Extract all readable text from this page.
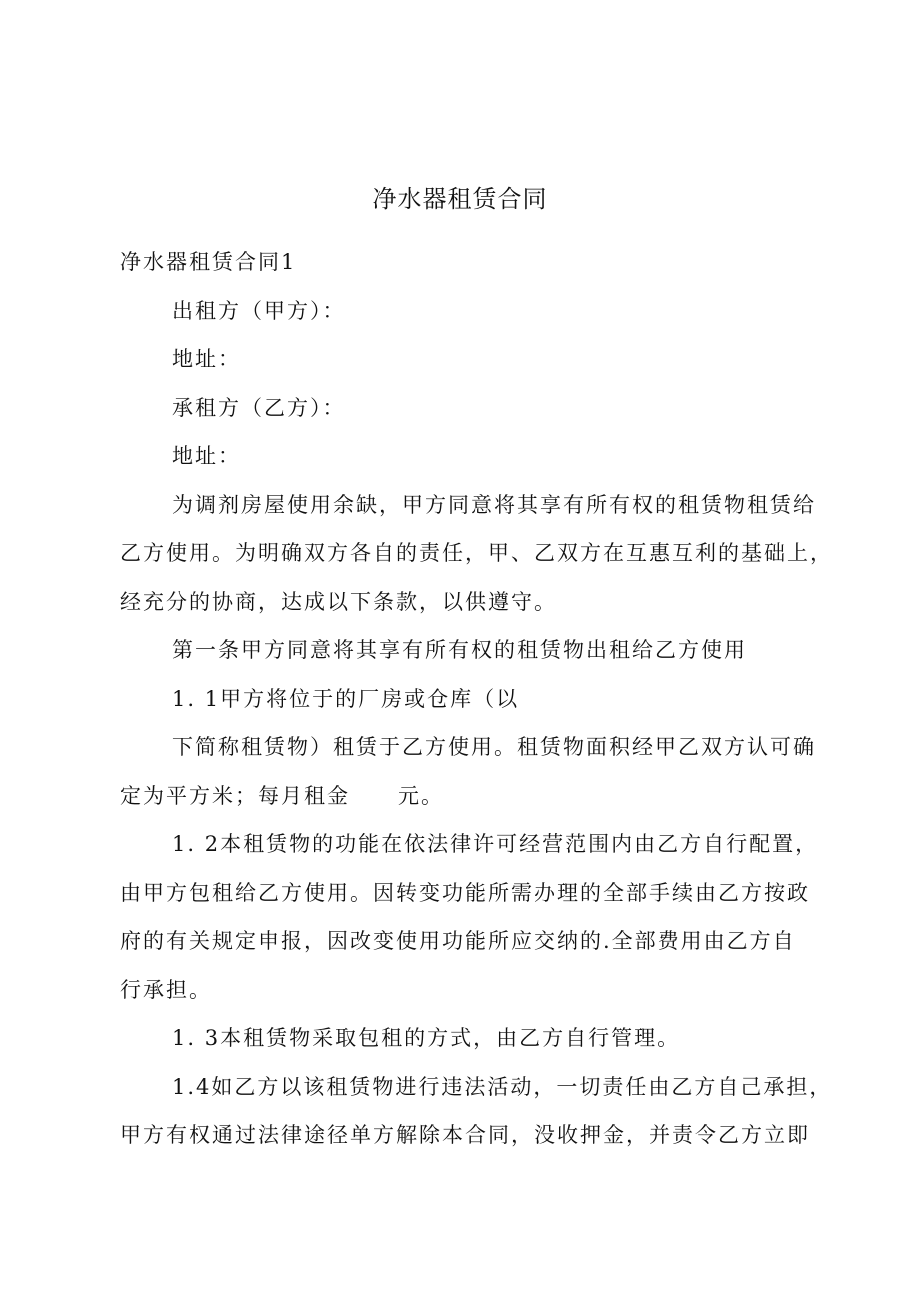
净水器租赁合同

净水器租赁合同1

出租方（甲方）：

地址：

承租方（乙方）：

地址：

为调剂房屋使用余缺，甲方同意将其享有所有权的租赁物租赁给

乙方使用。为明确双方各自的责任，甲、乙双方在互惠互利的基础上，

经充分的协商，达成以下条款，以供遵守。

第一条甲方同意将其享有所有权的租赁物出租给乙方使用

1. 1甲方将位于的厂房或仓库（以

下简称租赁物）租赁于乙方使用。租赁物面积经甲乙双方认可确

定为平方米；每月租金 元。

1. 2本租赁物的功能在依法律许可经营范围内由乙方自行配置，

由甲方包租给乙方使用。因转变功能所需办理的全部手续由乙方按政

府的有关规定申报，因改变使用功能所应交纳的.全部费用由乙方自

行承担。

1. 3本租赁物采取包租的方式，由乙方自行管理。

1.4如乙方以该租赁物进行违法活动，一切责任由乙方自己承担，

甲方有权通过法律途径单方解除本合同，没收押金，并责令乙方立即
